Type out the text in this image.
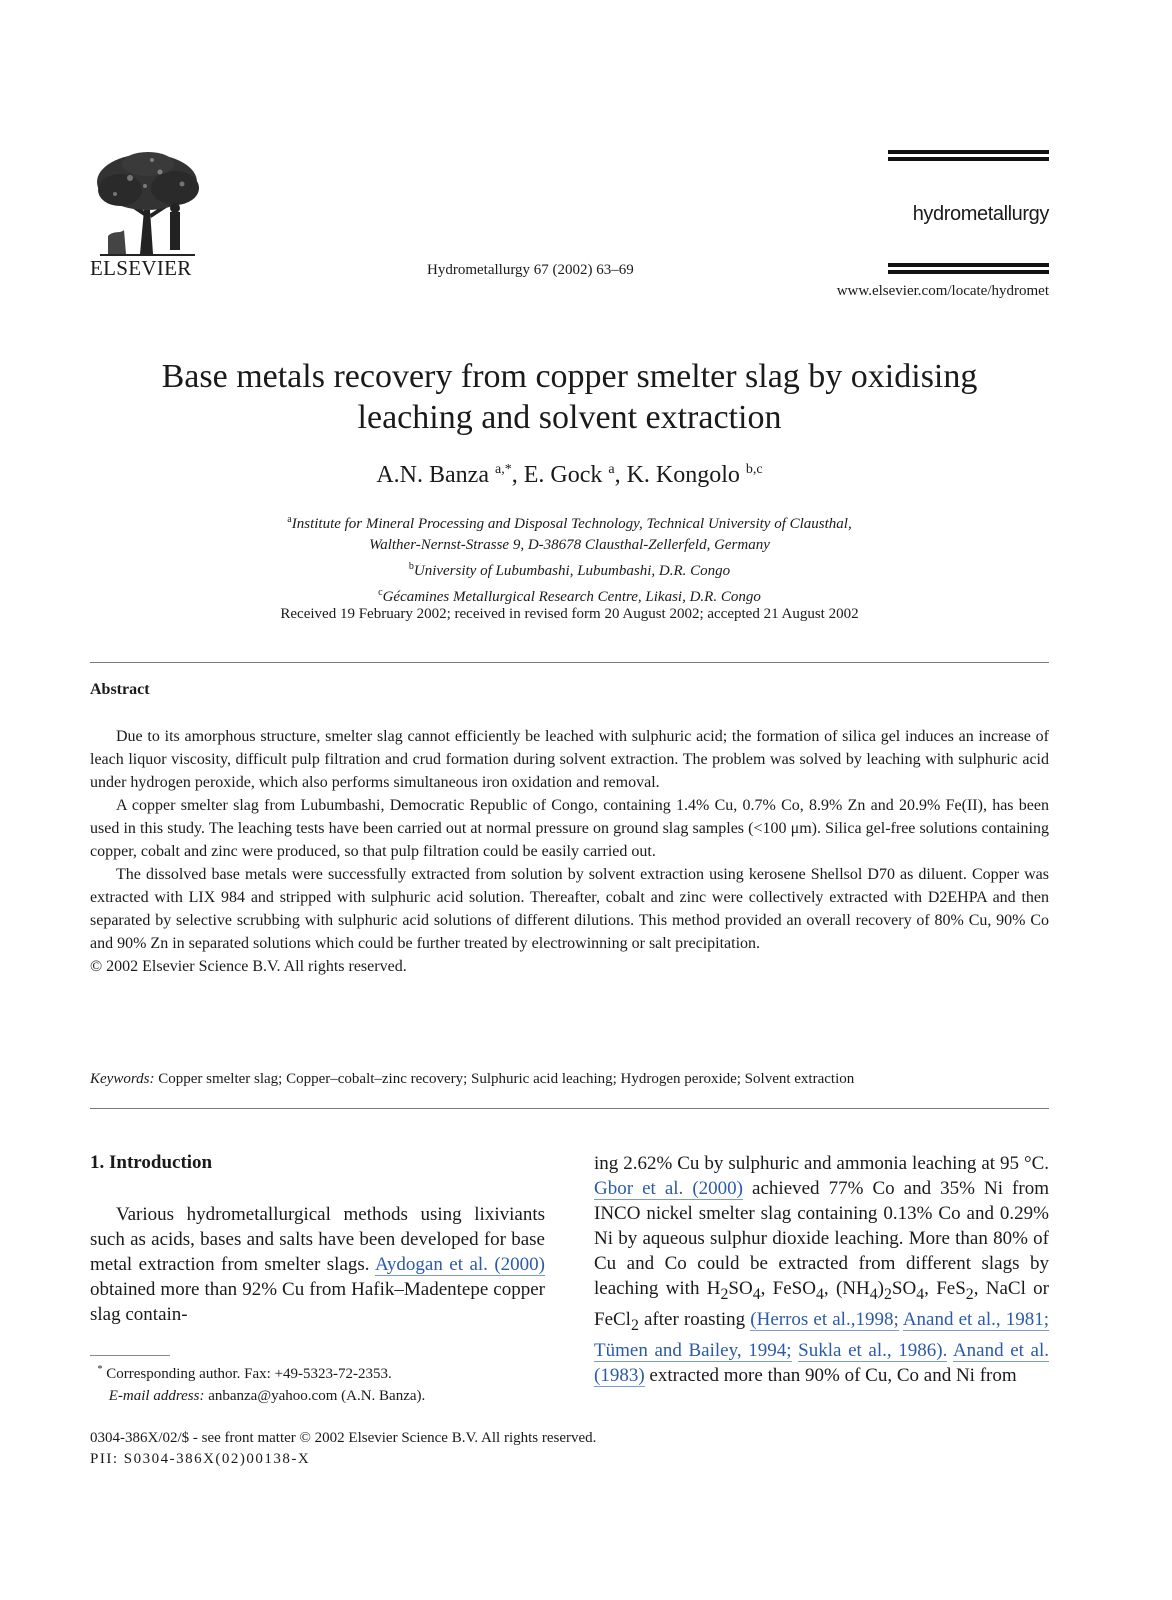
ELSEVIER	Hydrometallurgy 67 (2002) 63–69
hydrometallurgy
www.elsevier.com/locate/hydromet
Base metals recovery from copper smelter slag by oxidising
leaching and solvent extraction
A.N. Banza $^{a,*}$, E. Gock $^a$, K. Kongolo $^{b,c}$
$^a$Institute for Mineral Processing and Disposal Technology, Technical University of Clausthal,
Walther-Nernst-Strasse 9, D-38678 Clausthal-Zellerfeld, Germany
$^b$University of Lubumbashi, Lubumbashi, D.R. Congo
$^c$Gécamines Metallurgical Research Centre, Likasi, D.R. Congo
Received 19 February 2002; received in revised form 20 August 2002; accepted 21 August 2002
Abstract

Due to its amorphous structure, smelter slag cannot efficiently be leached with sulphuric acid; the formation of silica gel induces an increase of leach liquor viscosity, difficult pulp filtration and crud formation during solvent extraction. The problem was solved by leaching with sulphuric acid under hydrogen peroxide, which also performs simultaneous iron oxidation and removal.

A copper smelter slag from Lubumbashi, Democratic Republic of Congo, containing 1.4% Cu, 0.7% Co, 8.9% Zn and 20.9% Fe(II), has been used in this study. The leaching tests have been carried out at normal pressure on ground slag samples (<100 μm). Silica gel-free solutions containing copper, cobalt and zinc were produced, so that pulp filtration could be easily carried out.

The dissolved base metals were successfully extracted from solution by solvent extraction using kerosene Shellsol D70 as diluent. Copper was extracted with LIX 984 and stripped with sulphuric acid solution. Thereafter, cobalt and zinc were collectively extracted with D2EHPA and then separated by selective scrubbing with sulphuric acid solutions of different dilutions. This method provided an overall recovery of 80% Cu, 90% Co and 90% Zn in separated solutions which could be further treated by electrowinning or salt precipitation.

© 2002 Elsevier Science B.V. All rights reserved.

Keywords: Copper smelter slag; Copper–cobalt–zinc recovery; Sulphuric acid leaching; Hydrogen peroxide; Solvent extraction
1. Introduction

Various hydrometallurgical methods using lixiviants such as acids, bases and salts have been developed for base metal extraction from smelter slags. Aydogan et al. (2000) obtained more than 92% Cu from Hafik–Madentepe copper slag contain-

ing 2.62% Cu by sulphuric and ammonia leaching at 95 °C. Gbor et al. (2000) achieved 77% Co and 35% Ni from INCO nickel smelter slag containing 0.13% Co and 0.29% Ni by aqueous sulphur dioxide leaching. More than 80% of Cu and Co could be extracted from different slags by leaching with $H_2SO_4$, FeSO$_4$, $(NH_4)_2SO_4$, FeS$_2$, NaCl or FeCl$_2$ after roasting (Herros et al.,1998; Anand et al., 1981; Tümen and Bailey, 1994; Sukla et al., 1986). Anand et al. (1983) extracted more than 90% of Cu, Co and Ni from

* Corresponding author. Fax: +49-5323-72-2353.
E-mail address: anbanza@yahoo.com (A.N. Banza).
0304-386X/02/$ - see front matter © 2002 Elsevier Science B.V. All rights reserved.
PII: S0304-386X(02)00138-X
